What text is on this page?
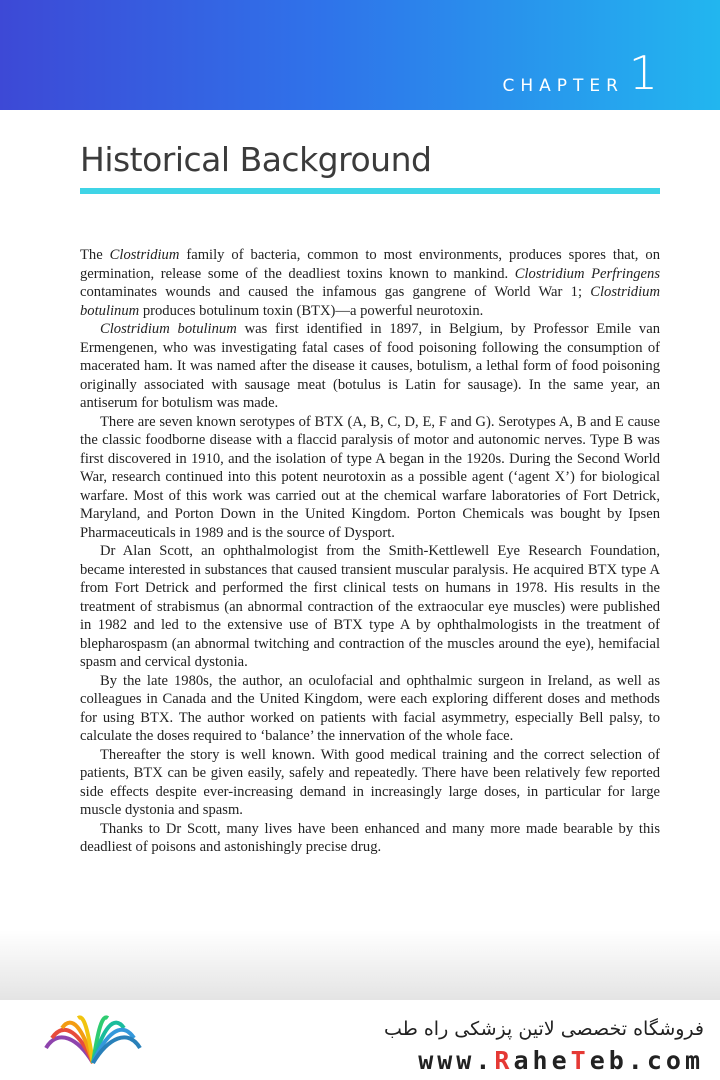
CHAPTER 1
Historical Background

The Clostridium family of bacteria, common to most environments, produces spores that, on germination, release some of the deadliest toxins known to mankind. Clostridium Perfringens contaminates wounds and caused the infamous gas gangrene of World War 1; Clostridium botulinum produces botulinum toxin (BTX)—a powerful neurotoxin.

Clostridium botulinum was first identified in 1897, in Belgium, by Professor Emile van Ermengenen, who was investigating fatal cases of food poisoning following the consumption of macerated ham. It was named after the disease it causes, botulism, a lethal form of food poisoning originally associated with sausage meat (botulus is Latin for sausage). In the same year, an antiserum for botulism was made.

There are seven known serotypes of BTX (A, B, C, D, E, F and G). Serotypes A, B and E cause the classic foodborne disease with a flaccid paralysis of motor and autonomic nerves. Type B was first discovered in 1910, and the isolation of type A began in the 1920s. During the Second World War, research continued into this potent neurotoxin as a possible agent (‘agent X’) for biological warfare. Most of this work was carried out at the chemical warfare laboratories of Fort Detrick, Maryland, and Porton Down in the United Kingdom. Porton Chemicals was bought by Ipsen Pharmaceuticals in 1989 and is the source of Dysport.

Dr Alan Scott, an ophthalmologist from the Smith-Kettlewell Eye Research Foundation, became interested in substances that caused transient muscular paralysis. He acquired BTX type A from Fort Detrick and performed the first clinical tests on humans in 1978. His results in the treatment of strabismus (an abnormal contraction of the extraocular eye muscles) were published in 1982 and led to the extensive use of BTX type A by ophthalmologists in the treatment of blepharospasm (an abnormal twitching and contraction of the muscles around the eye), hemifacial spasm and cervical dystonia.

By the late 1980s, the author, an oculofacial and ophthalmic surgeon in Ireland, as well as colleagues in Canada and the United Kingdom, were each exploring different doses and methods for using BTX. The author worked on patients with facial asymmetry, especially Bell palsy, to calculate the doses required to ‘balance’ the innervation of the whole face.

Thereafter the story is well known. With good medical training and the correct selection of patients, BTX can be given easily, safely and repeatedly. There have been relatively few reported side effects despite ever-increasing demand in increasingly large doses, in particular for large muscle dystonia and spasm.

Thanks to Dr Scott, many lives have been enhanced and many more made bearable by this deadliest of poisons and astonishingly precise drug.

فروشگاه تخصصی لاتین پزشکی راه طب
www.RaheTeb.com
